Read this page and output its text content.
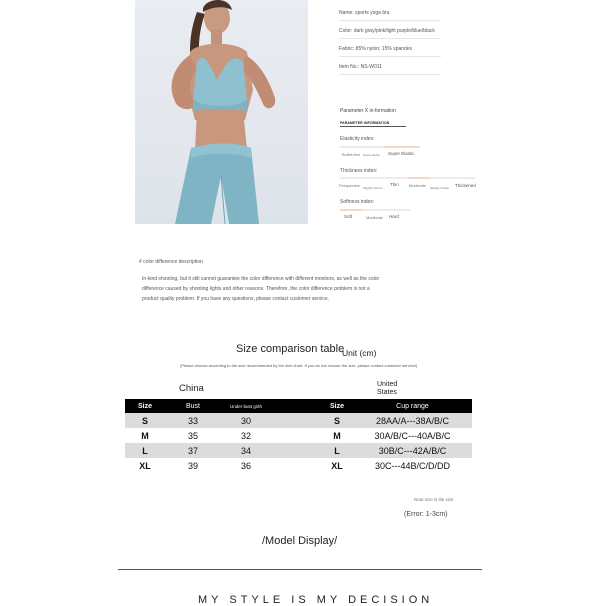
Name: sports yoga bra
Color: dark gray/pink/light purple/blue/black
Fabric: 85% nylon; 15% spandex
Item No.: NS-W011
Parameter X in-formation
PARAMETER INFORMATION
Elasticity index:
Bullet-free Stock elastic Super Elastic
Thickness index:
Perspective Slightly thinner
Thin	Moderate Slightly thicker Thickened
Softness index:
Soft	Moderate Hard
# color difference description
In-kind shooting, but it still cannot guarantee the color difference with different monitors, as well as the color difference caused by shooting lights and other reasons. Therefore, the color difference problem is not a product quality problem. If you have any questions, please contact customer service.
Size comparison table
Unit (cm)
(Please choose according to the size recommended by the size chart. If you do not choose the size, please contact customer service!)
China	United States
Size	Bust	Under bust girth	Size	Cup range
S	33	30	S	28AA/A---38A/B/C
M	35	32	M	30A/B/C---40A/B/C
L	37	34	L	30B/C---42A/B/C
XL	39	36	XL	30C---44B/C/D/DD
Note size is tile size
(Error: 1-3cm)
/Model Display/
MY STYLE IS MY DECISION
